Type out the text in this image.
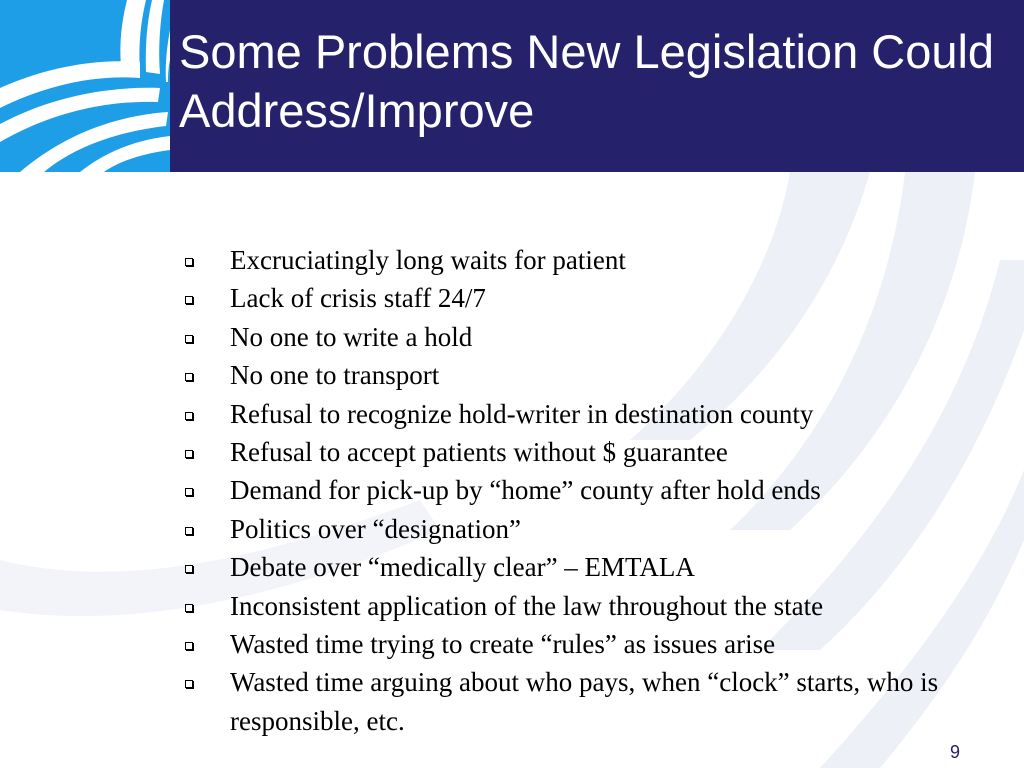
Some Problems New Legislation Could Address/Improve
Excruciatingly long waits for patient
Lack of crisis staff 24/7
No one to write a hold
No one to transport
Refusal to recognize hold-writer in destination county
Refusal to accept patients without $ guarantee
Demand for pick-up by “home” county after hold ends
Politics over “designation”
Debate over “medically clear” – EMTALA
Inconsistent application of the law throughout the state
Wasted time trying to create “rules” as issues arise
Wasted time arguing about who pays, when “clock” starts, who is responsible, etc.
9
